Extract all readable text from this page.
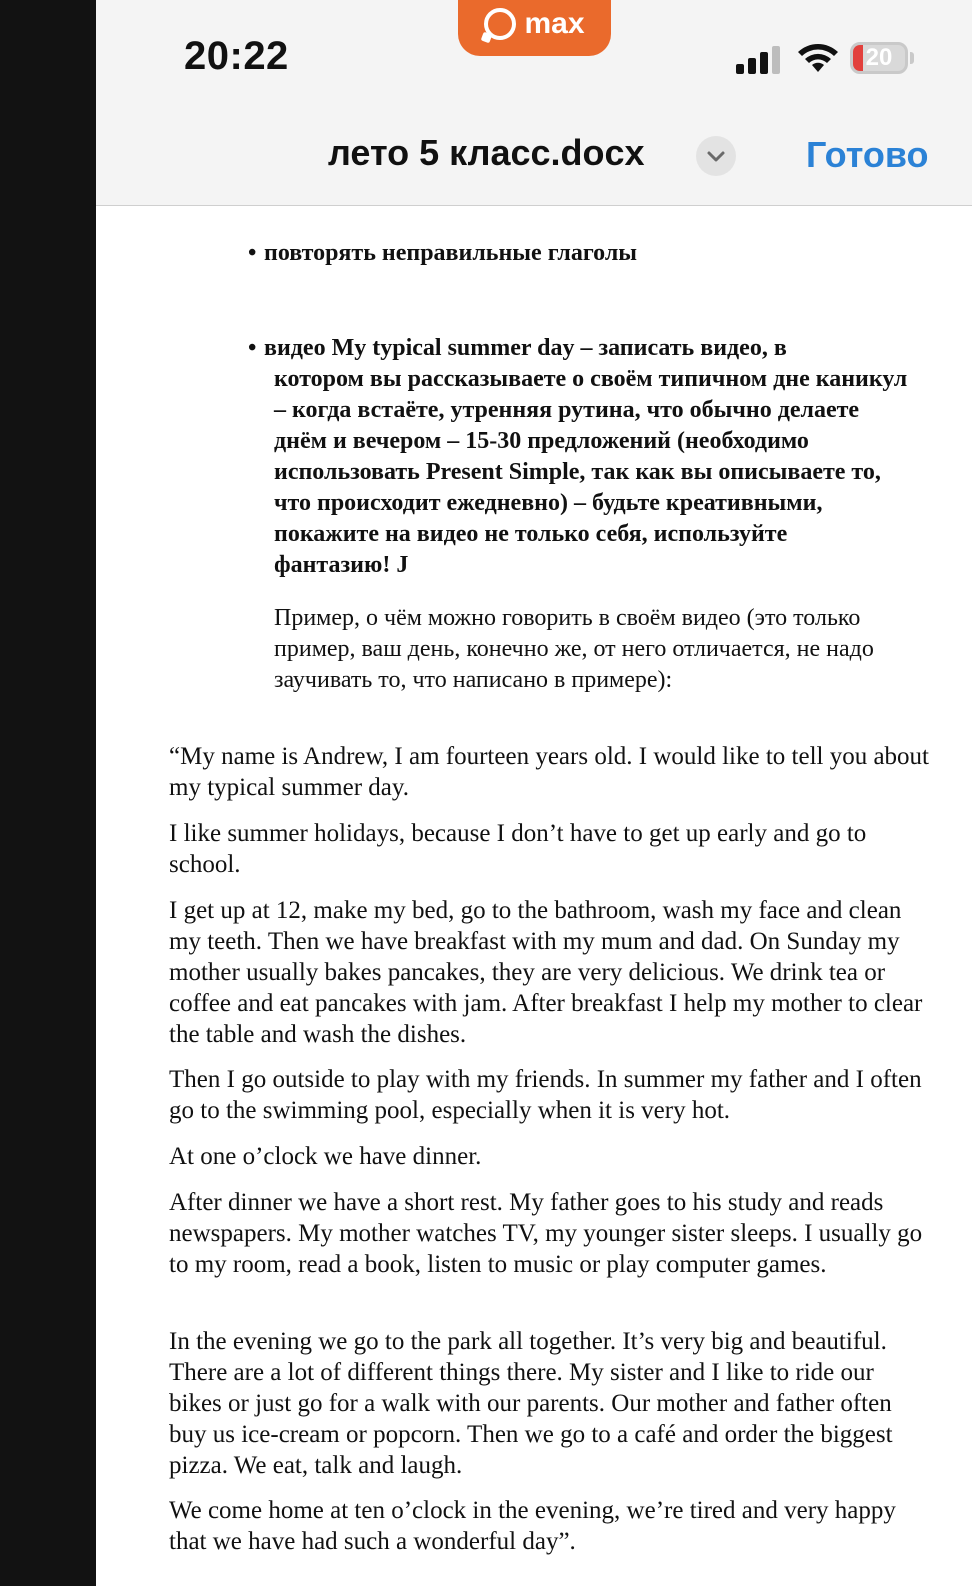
20:22
max
20
лето 5 класс.docx	Готово
• повторять неправильные глаголы
• видео My typical summer day – записать видео, в
котором вы рассказываете о своём типичном дне каникул – когда встаёте, утренняя рутина, что обычно делаете днём и вечером – 15-30 предложений (необходимо использовать Present Simple, так как вы описываете то, что происходит ежедневно) – будьте креативными, покажите на видео не только себя, используйте фантазию! J
Пример, о чём можно говорить в своём видео (это только пример, ваш день, конечно же, от него отличается, не надо заучивать то, что написано в примере):
“My name is Andrew, I am fourteen years old. I would like to tell you about my typical summer day.
I like summer holidays, because I don’t have to get up early and go to school.
I get up at 12, make my bed, go to the bathroom, wash my face and clean my teeth. Then we have breakfast with my mum and dad. On Sunday my mother usually bakes pancakes, they are very delicious. We drink tea or coffee and eat pancakes with jam. After breakfast I help my mother to clear the table and wash the dishes.
Then I go outside to play with my friends. In summer my father and I often go to the swimming pool, especially when it is very hot.
At one o’clock we have dinner.
After dinner we have a short rest. My father goes to his study and reads newspapers. My mother watches TV, my younger sister sleeps. I usually go to my room, read a book, listen to music or play computer games.
In the evening we go to the park all together. It’s very big and beautiful. There are a lot of different things there. My sister and I like to ride our bikes or just go for a walk with our parents. Our mother and father often buy us ice-cream or popcorn. Then we go to a café and order the biggest pizza. We eat, talk and laugh.
We come home at ten o’clock in the evening, we’re tired and very happy that we have had such a wonderful day”.
